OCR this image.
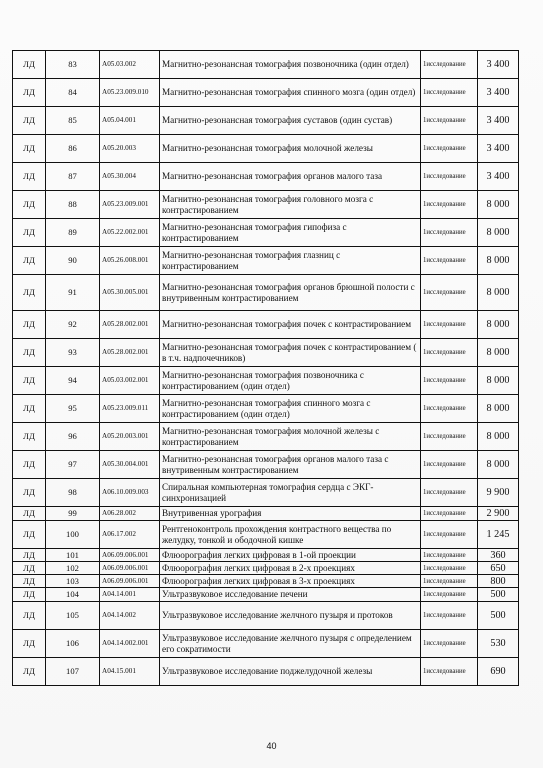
ЛД	83	A05.03.002	Магнитно-резонансная томография позвоночника (один отдел)	1исследование	3 400
ЛД	84	A05.23.009.010	Магнитно-резонансная томография спинного мозга (один отдел)	1исследование	3 400
ЛД	85	A05.04.001	Магнитно-резонансная томография суставов (один сустав)	1исследование	3 400
ЛД	86	A05.20.003	Магнитно-резонансная томография молочной железы	1исследование	3 400
ЛД	87	A05.30.004	Магнитно-резонансная томография органов малого таза	1исследование	3 400
ЛД	88	A05.23.009.001	Магнитно-резонансная томография головного мозга с контрастированием	1исследование	8 000
ЛД	89	A05.22.002.001	Магнитно-резонансная томография гипофиза с контрастированием	1исследование	8 000
ЛД	90	A05.26.008.001	Магнитно-резонансная томография глазниц с контрастированием	1исследование	8 000
ЛД	91	A05.30.005.001	Магнитно-резонансная томография органов брюшной полости с внутривенным контрастированием	1исследование	8 000
ЛД	92	A05.28.002.001	Магнитно-резонансная томография почек с контрастированием	1исследование	8 000
ЛД	93	A05.28.002.001	Магнитно-резонансная томография почек с контрастированием ( в т.ч. надпочечников)	1исследование	8 000
ЛД	94	A05.03.002.001	Магнитно-резонансная томография позвоночника с контрастированием (один отдел)	1исследование	8 000
ЛД	95	A05.23.009.011	Магнитно-резонансная томография спинного мозга с контрастированием (один отдел)	1исследование	8 000
ЛД	96	A05.20.003.001	Магнитно-резонансная томография молочной железы с контрастированием	1исследование	8 000
ЛД	97	A05.30.004.001	Магнитно-резонансная томография органов малого таза с внутривенным контрастированием	1исследование	8 000
ЛД	98	A06.10.009.003	Спиральная компьютерная томография сердца с ЭКГ-синхронизацией	1исследование	9 900
ЛД	99	A06.28.002	Внутривенная урография	1исследование	2 900
ЛД	100	A06.17.002	Рентгеноконтроль прохождения контрастного вещества по желудку, тонкой и ободочной кишке	1исследование	1 245
ЛД	101	A06.09.006.001	Флюорография легких цифровая в 1-ой проекции	1исследование	360
ЛД	102	A06.09.006.001	Флюорография легких цифровая в 2-х проекциях	1исследование	650
ЛД	103	A06.09.006.001	Флюорография легких цифровая в 3-х проекциях	1исследование	800
ЛД	104	A04.14.001	Ультразвуковое исследование печени	1исследование	500
ЛД	105	A04.14.002	Ультразвуковое исследование желчного пузыря и протоков	1исследование	500
ЛД	106	A04.14.002.001	Ультразвуковое исследование желчного пузыря с определением его сократимости	1исследование	530
ЛД	107	A04.15.001	Ультразвуковое исследование поджелудочной железы	1исследование	690
40
